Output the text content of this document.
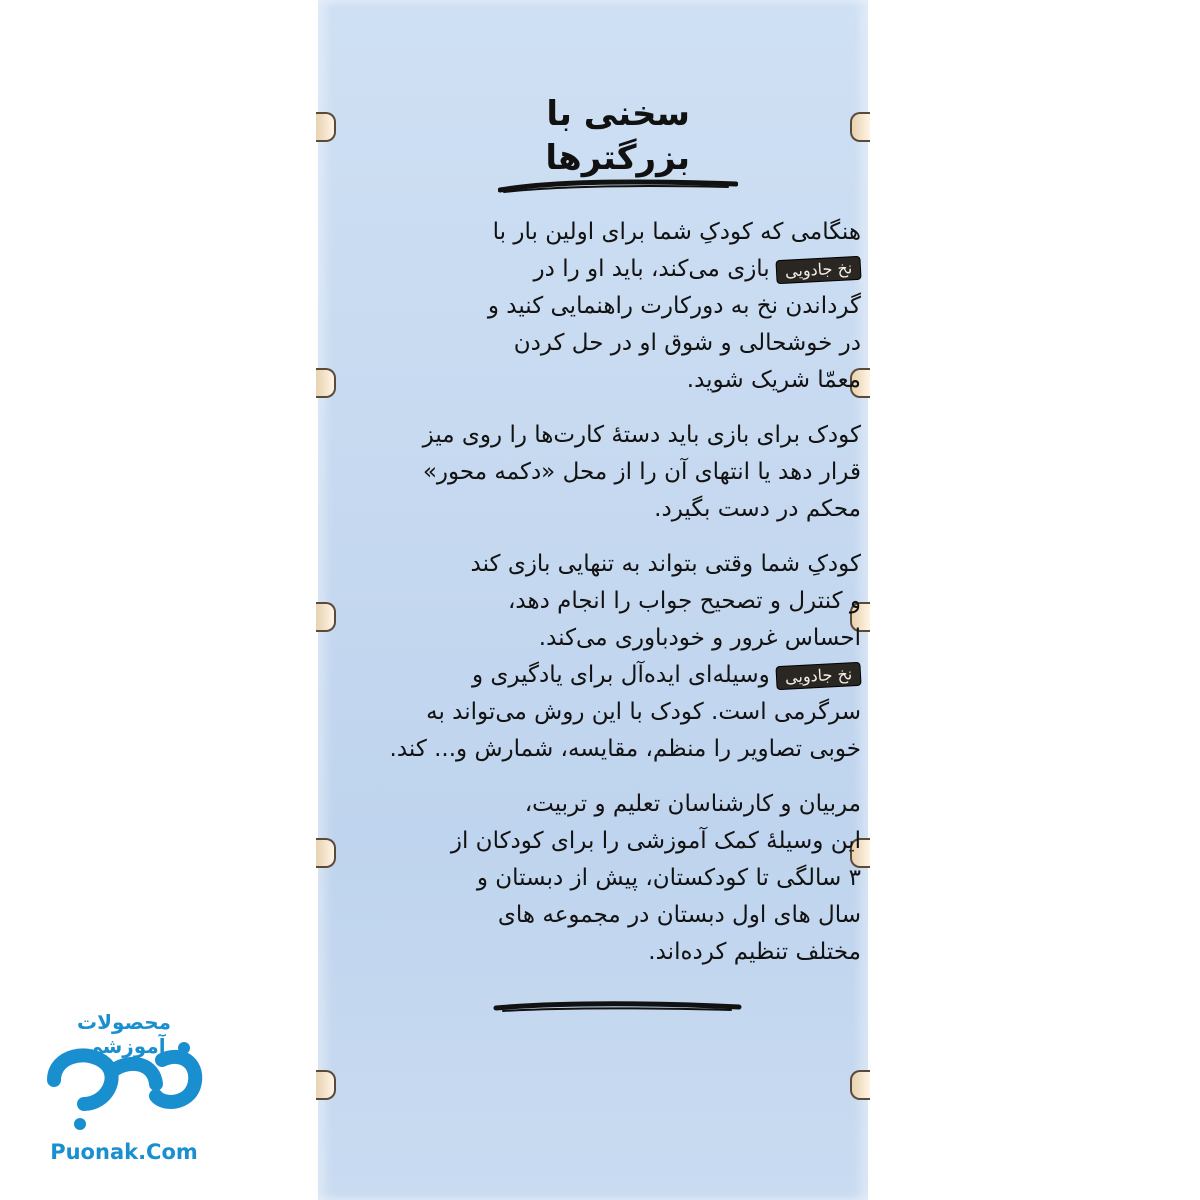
سخنی با
بزرگترها
هنگامی که کودکِ شما برای اولین بار با
نخ جادوییبازی می‌کند، باید او را در
گرداندن نخ به دورکارت راهنمایی کنید و
در خوشحالی و شوق او در حل کردن
معمّا شریک شوید.
کودک برای بازی باید دستهٔ کارت‌ها را روی میز
قرار دهد یا انتهای آن را از محل «دکمه محور»
محکم در دست بگیرد.
کودکِ شما وقتی بتواند به تنهایی بازی کند
و کنترل و تصحیح جواب را انجام دهد،
احساس غرور و خودباوری می‌کند.
نخ جادوییوسیله‌ای ایده‌آل برای یادگیری و
سرگرمی است. کودک با این روش می‌تواند به
خوبی تصاویر را منظم، مقایسه، شمارش و... کند.
مربیان و کارشناسان تعلیم و تربیت،
این وسیلهٔ کمک آموزشی را برای کودکان از
۳ سالگی تا کودکستان، پیش از دبستان و
سال های اول دبستان در مجموعه های
مختلف تنظیم کرده‌اند.
محصولات آموزشی
پونک
Puonak.Com
